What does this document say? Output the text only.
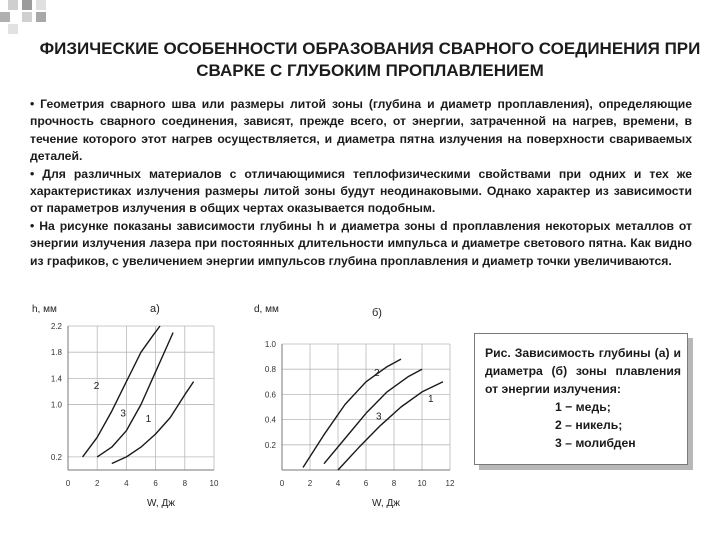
ФИЗИЧЕСКИЕ ОСОБЕННОСТИ ОБРАЗОВАНИЯ СВАРНОГО СОЕДИНЕНИЯ ПРИ СВАРКЕ С ГЛУБОКИМ ПРОПЛАВЛЕНИЕМ

• Геометрия сварного шва или размеры литой зоны (глубина и диаметр проплавления), определяющие прочность сварного соединения, зависят, прежде всего, от энергии, затраченной на нагрев, времени, в течение которого этот нагрев осуществляется, и диаметра пятна излучения на поверхности свариваемых деталей.

• Для различных материалов с отличающимися теплофизическими свойствами при одних и тех же характеристиках излучения размеры литой зоны будут неодинаковыми. Однако характер из зависимости от параметров излучения в общих чертах оказывается подобным.

• На рисунке показаны зависимости глубины h и диаметра зоны d проплавления некоторых металлов от энергии излучения лазера при постоянных длительности импульса и диаметре светового пятна. Как видно из графиков, с увеличением энергии импульсов глубина проплавления и диаметр точки увеличиваются.

0	2	4	6	8	10
0.2
1.0
1.4
1.8
2.2
h, мм
W, Дж
а)
2
3 1
0	2	4	6	8	10 12
0.2
0.4
0.6
0.8
1.0
d, мм
W, Дж
б)
2
3
1
Рис. Зависимость глубины (а) и диаметра (б) зоны плавления от энергии излучения:
1 − медь;
2 – никель;
3 – молибден
